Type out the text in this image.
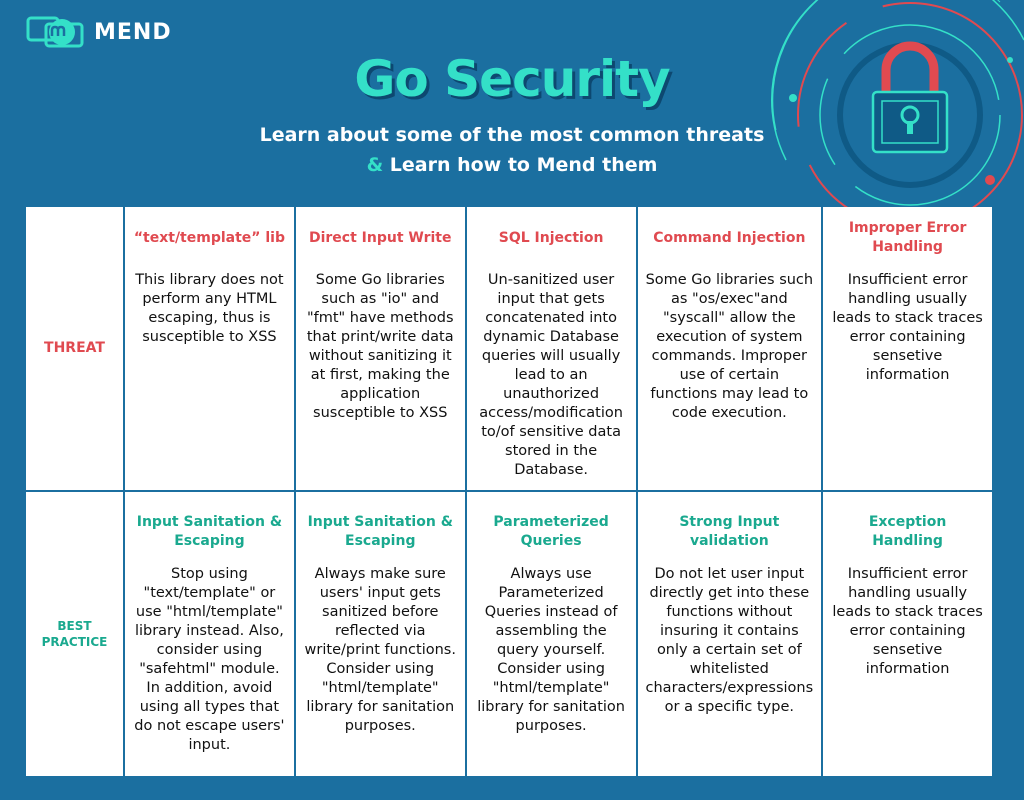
MEND
Go Security
Learn about some of the most common threats
& Learn how to Mend them
THREAT
“text/template” lib
This library does not perform any HTML escaping, thus is susceptible to XSS
Direct Input Write
Some Go libraries such as "io" and "fmt" have methods that print/write data without sanitizing it at first, making the application susceptible to XSS
SQL Injection
Un-sanitized user input that gets concatenated into dynamic Database queries will usually lead to an unauthorized access/modification to/of sensitive data stored in the Database.
Command Injection
Some Go libraries such as "os/exec"and "syscall" allow the execution of system commands. Improper use of certain functions may lead to code execution.
Improper Error Handling
Insufficient error handling usually leads to stack traces error containing sensetive information
BEST
PRACTICE
Input Sanitation & Escaping
Stop using "text/template" or use "html/template" library instead. Also, consider using "safehtml" module. In addition, avoid using all types that do not escape users' input.
Input Sanitation & Escaping
Always make sure users' input gets sanitized before reflected via write/print functions. Consider using "html/template" library for sanitation purposes.
Parameterized Queries
Always use Parameterized Queries instead of assembling the query yourself. Consider using "html/template" library for sanitation purposes.
Strong Input validation
Do not let user input directly get into these functions without insuring it contains only a certain set of whitelisted characters/expressions or a specific type.
Exception Handling
Insufficient error handling usually leads to stack traces error containing sensetive information
